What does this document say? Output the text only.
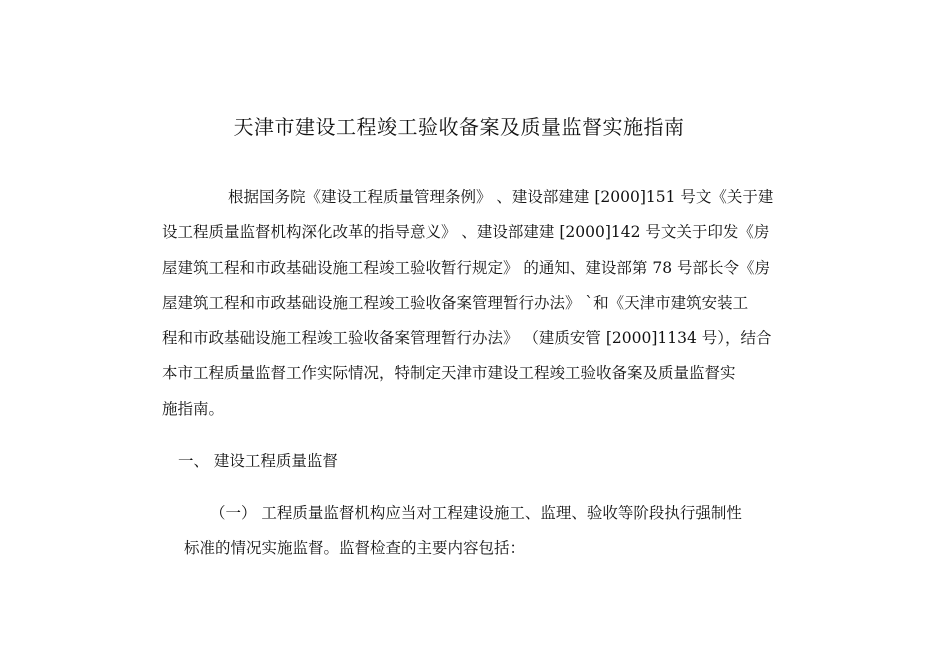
天津市建设工程竣工验收备案及质量监督实施指南
根据国务院《建设工程质量管理条例》 、建设部建建 [2000]151 号文《关于建
设工程质量监督机构深化改革的指导意义》 、建设部建建 [2000]142 号文关于印发《房
屋建筑工程和市政基础设施工程竣工验收暂行规定》 的通知、建设部第 78 号部长令《房
屋建筑工程和市政基础设施工程竣工验收备案管理暂行办法》 `和《天津市建筑安装工
程和市政基础设施工程竣工验收备案管理暂行办法》 （建质安管 [2000]1134 号），结合
本市工程质量监督工作实际情况，特制定天津市建设工程竣工验收备案及质量监督实
施指南。
一、 建设工程质量监督
（一） 工程质量监督机构应当对工程建设施工、监理、验收等阶段执行强制性
标准的情况实施监督。监督检查的主要内容包括：
